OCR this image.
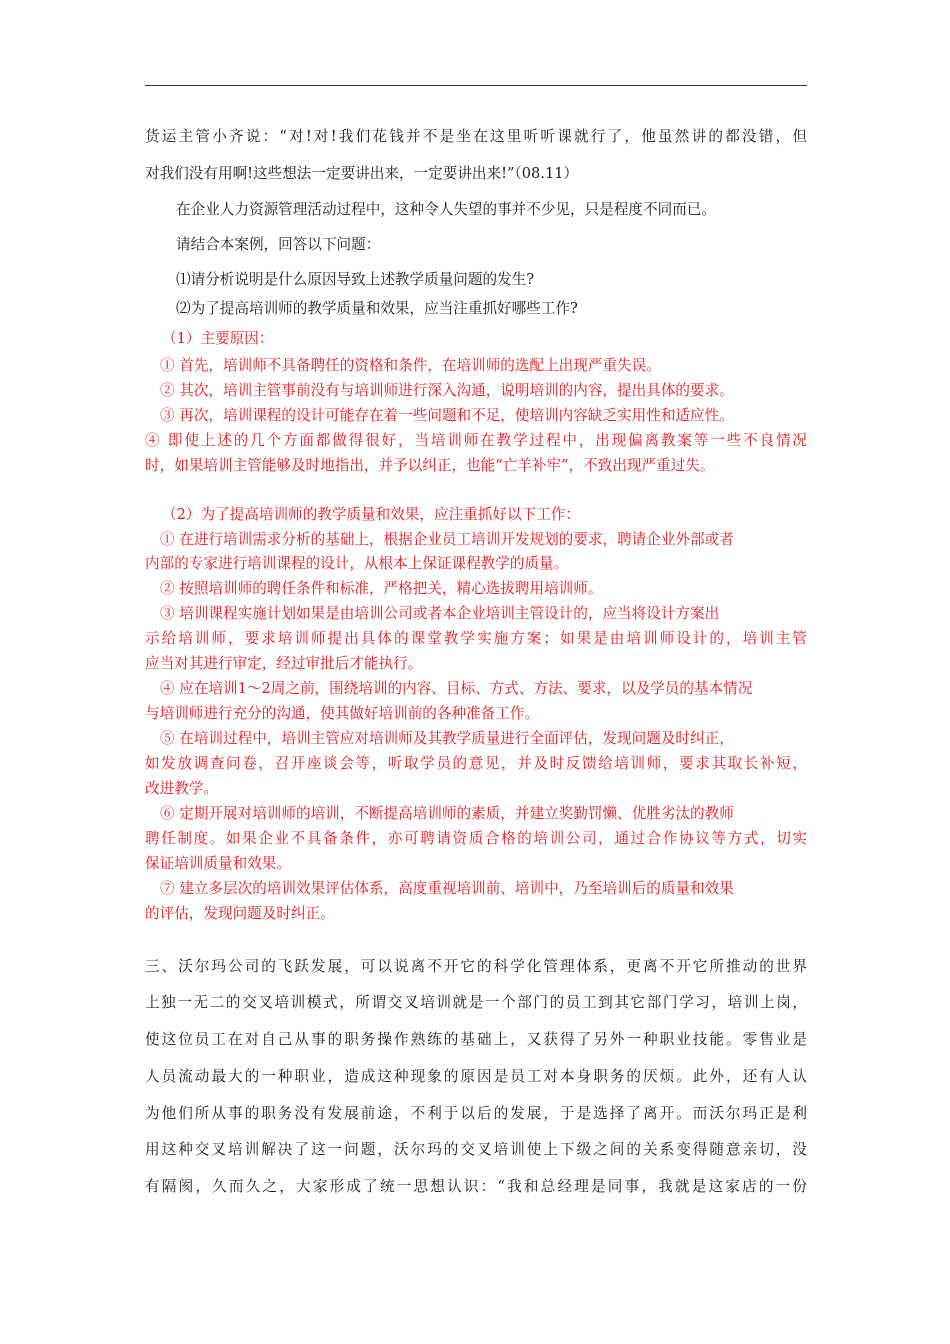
货运主管小齐说：“对!对!我们花钱并不是坐在这里听听课就行了，他虽然讲的都没错，但
对我们没有用啊!这些想法一定要讲出来，一定要讲出来!”（08.11）
在企业人力资源管理活动过程中，这种令人失望的事并不少见，只是程度不同而已。
请结合本案例，回答以下问题：
⑴请分析说明是什么原因导致上述教学质量问题的发生?
⑵为了提高培训师的教学质量和效果，应当注重抓好哪些工作?
（1）主要原因：
① 首先，培训师不具备聘任的资格和条件，在培训师的选配上出现严重失误。
② 其次，培训主管事前没有与培训师进行深入沟通，说明培训的内容，提出具体的要求。
③ 再次，培训课程的设计可能存在着一些问题和不足，使培训内容缺乏实用性和适应性。
④ 即使上述的几个方面都做得很好，当培训师在教学过程中，出现偏离教案等一些不良情况
时，如果培训主管能够及时地指出，并予以纠正，也能“亡羊补牢”，不致出现严重过失。
（2）为了提高培训师的教学质量和效果，应注重抓好以下工作：
① 在进行培训需求分析的基础上，根据企业员工培训开发规划的要求，聘请企业外部或者
内部的专家进行培训课程的设计，从根本上保证课程教学的质量。
② 按照培训师的聘任条件和标准，严格把关，精心选拔聘用培训师。
③ 培训课程实施计划如果是由培训公司或者本企业培训主管设计的，应当将设计方案出
示给培训师，要求培训师提出具体的课堂教学实施方案；如果是由培训师设计的，培训主管
应当对其进行审定，经过审批后才能执行。
④ 应在培训1～2周之前，围绕培训的内容、目标、方式、方法、要求，以及学员的基本情况
与培训师进行充分的沟通，使其做好培训前的各种准备工作。
⑤ 在培训过程中，培训主管应对培训师及其教学质量进行全面评估，发现问题及时纠正，
如发放调查问卷，召开座谈会等，听取学员的意见，并及时反馈给培训师，要求其取长补短，
改进教学。
⑥ 定期开展对培训师的培训，不断提高培训师的素质，并建立奖勤罚懒、优胜劣汰的教师
聘任制度。如果企业不具备条件，亦可聘请资质合格的培训公司，通过合作协议等方式，切实
保证培训质量和效果。
⑦ 建立多层次的培训效果评估体系，高度重视培训前、培训中，乃至培训后的质量和效果
的评估，发现问题及时纠正。
三、沃尔玛公司的飞跃发展，可以说离不开它的科学化管理体系，更离不开它所推动的世界
上独一无二的交叉培训模式，所谓交叉培训就是一个部门的员工到其它部门学习，培训上岗，
使这位员工在对自己从事的职务操作熟练的基础上，又获得了另外一种职业技能。零售业是
人员流动最大的一种职业，造成这种现象的原因是员工对本身职务的厌烦。此外，还有人认
为他们所从事的职务没有发展前途，不利于以后的发展，于是选择了离开。而沃尔玛正是利
用这种交叉培训解决了这一问题，沃尔玛的交叉培训使上下级之间的关系变得随意亲切，没
有隔阂，久而久之，大家形成了统一思想认识：“我和总经理是同事，我就是这家店的一份
